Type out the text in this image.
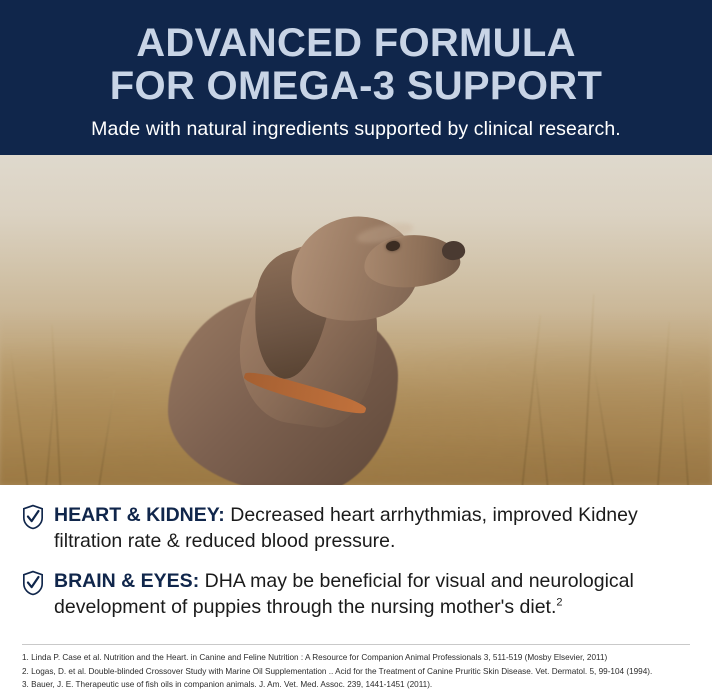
ADVANCED FORMULA
FOR OMEGA-3 SUPPORT
Made with natural ingredients supported by clinical research.
HEART & KIDNEY: Decreased heart arrhythmias, improved Kidney filtration rate & reduced blood pressure.
BRAIN & EYES: DHA may be beneficial for visual and neurological development of puppies through the nursing mother's diet.$^2$
1. Linda P. Case et al. Nutrition and the Heart. in Canine and Feline Nutrition : A Resource for Companion Animal Professionals 3, 511-519 (Mosby Elsevier, 2011)
2. Logas, D. et al. Double-blinded Crossover Study with Marine Oil Supplementation .. Acid for the Treatment of Canine Pruritic Skin Disease. Vet. Dermatol. 5, 99-104 (1994).
3. Bauer, J. E. Therapeutic use of fish oils in companion animals. J. Am. Vet. Med. Assoc. 239, 1441-1451 (2011).
